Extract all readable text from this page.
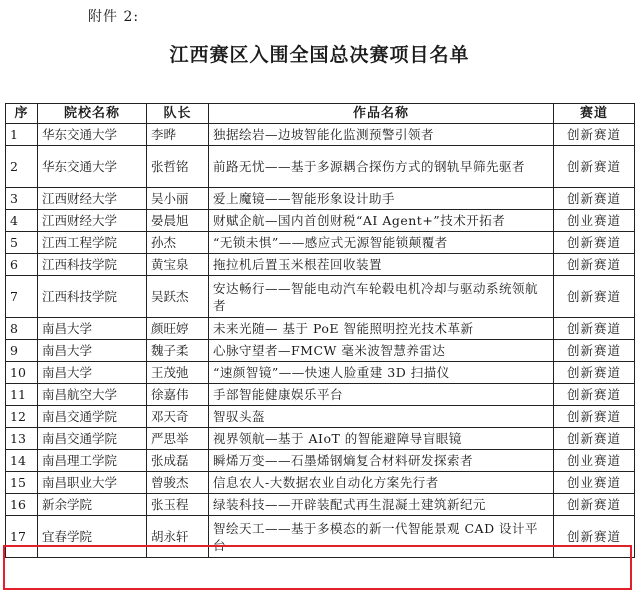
附件 2:
江西赛区入围全国总决赛项目名单
序	院校名称	队长	作品名称	赛道
1	华东交通大学	李晔	独据绘岩—边坡智能化监测预警引领者	创新赛道
2	华东交通大学	张哲铭	前路无忧——基于多源耦合探伤方式的钢轨早筛先驱者	创新赛道
3	江西财经大学	吴小丽	爱上魔镜——智能形象设计助手	创新赛道
4	江西财经大学	晏晨旭	财赋企航—国内首创财税“AI Agent+”技术开拓者	创业赛道
5	江西工程学院	孙杰	“无锁未惧”——感应式无源智能锁颠覆者	创新赛道
6	江西科技学院	黄宝泉	拖拉机后置玉米根茬回收装置	创新赛道
7	江西科技学院	吴跃杰	安达畅行——智能电动汽车轮毂电机冷却与驱动系统领航者	创新赛道
8	南昌大学	颜旺婷	未来光随— 基于 PoE 智能照明控光技术革新	创新赛道
9	南昌大学	魏子柔	心脉守望者—FMCW 毫米波智慧养雷达	创新赛道
10	南昌大学	王茂弛	“速颜智镜”——快速人脸重建 3D 扫描仪	创新赛道
11	南昌航空大学	徐嘉伟	手部智能健康娱乐平台	创新赛道
12	南昌交通学院	邓天奇	智驭头盔	创新赛道
13	南昌交通学院	严思举	视界领航—基于 AIoT 的智能避障导盲眼镜	创新赛道
14	南昌理工学院	张成磊	瞬烯万变——石墨烯钢熵复合材料研发探索者	创业赛道
15	南昌职业大学	曾骏杰	信息农人-大数据农业自动化方案先行者	创业赛道
16	新余学院	张玉程	绿装科技——开辟装配式再生混凝土建筑新纪元	创新赛道
17	宜春学院	胡永轩	智绘天工——基于多模态的新一代智能景观 CAD 设计平台	创新赛道
